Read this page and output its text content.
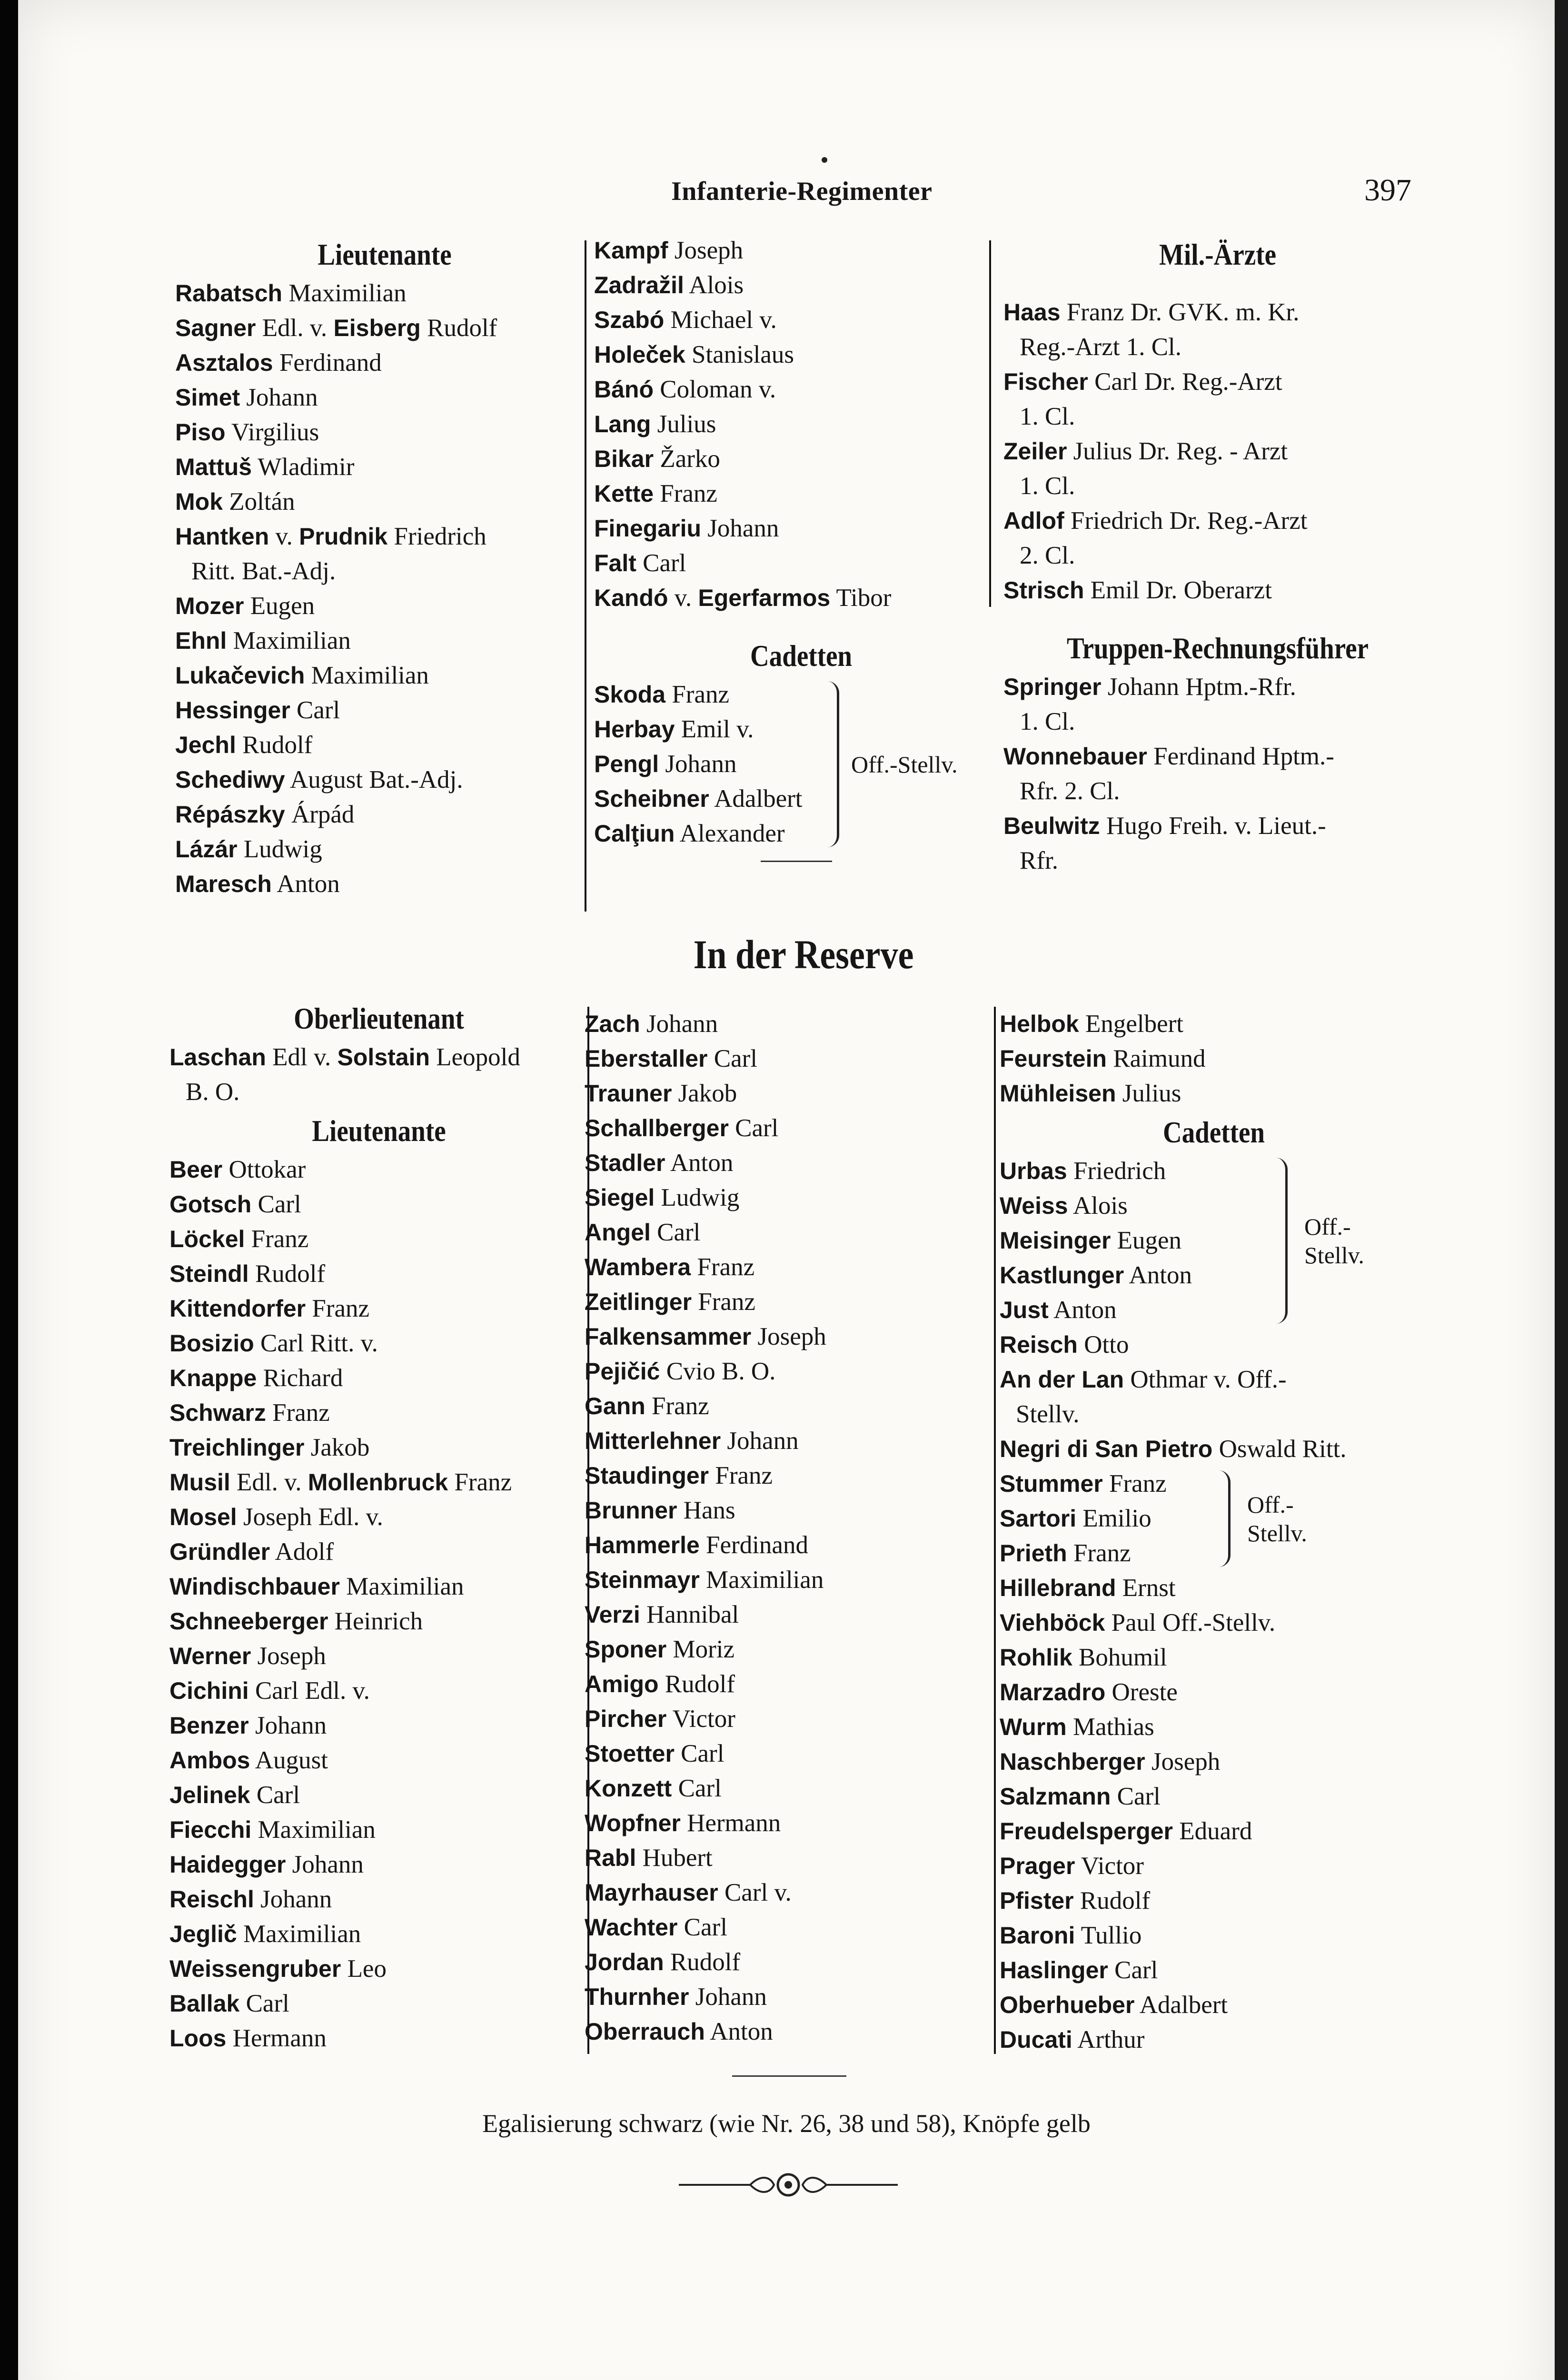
Infanterie-Regimenter	397
Lieutenante
Rabatsch Maximilian
Sagner Edl. v. Eisberg Rudolf
Asztalos Ferdinand
Simet Johann
Piso Virgilius
Mattuš Wladimir
Mok Zoltán
Hantken v. Prudnik Friedrich
Ritt. Bat.-Adj.
Mozer Eugen
Ehnl Maximilian
Lukačevich Maximilian
Hessinger Carl
Jechl Rudolf
Schediwy August Bat.-Adj.
Répászky Árpád
Lázár Ludwig
Maresch Anton
Kampf Joseph
Zadražil Alois
Szabó Michael v.
Holeček Stanislaus
Bánó Coloman v.
Lang Julius
Bikar Žarko
Kette Franz
Finegariu Johann
Falt Carl
Kandó v. Egerfarmos Tibor
Cadetten
Skoda Franz
Herbay Emil v.
Pengl Johann
Scheibner Adalbert
Calţiun Alexander
Off.-Stellv.
Mil.-Ärzte
Haas Franz Dr. GVK. m. Kr.
Reg.-Arzt 1. Cl.
Fischer Carl Dr. Reg.-Arzt
1. Cl.
Zeiler Julius Dr. Reg. - Arzt
1. Cl.
Adlof Friedrich Dr. Reg.-Arzt
2. Cl.
Strisch Emil Dr. Oberarzt
Truppen-Rechnungsführer
Springer Johann Hptm.-Rfr.
1. Cl.
Wonnebauer Ferdinand Hptm.-
Rfr. 2. Cl.
Beulwitz Hugo Freih. v. Lieut.-
Rfr.
In der Reserve
Oberlieutenant
Laschan Edl v. Solstain Leopold
B. O.
Lieutenante
Beer Ottokar
Gotsch Carl
Löckel Franz
Steindl Rudolf
Kittendorfer Franz
Bosizio Carl Ritt. v.
Knappe Richard
Schwarz Franz
Treichlinger Jakob
Musil Edl. v. Mollenbruck Franz
Mosel Joseph Edl. v.
Gründler Adolf
Windischbauer Maximilian
Schneeberger Heinrich
Werner Joseph
Cichini Carl Edl. v.
Benzer Johann
Ambos August
Jelinek Carl
Fiecchi Maximilian
Haidegger Johann
Reischl Johann
Jeglič Maximilian
Weissengruber Leo
Ballak Carl
Loos Hermann
Zach Johann
Eberstaller Carl
Trauner Jakob
Schallberger Carl
Stadler Anton
Siegel Ludwig
Angel Carl
Wambera Franz
Zeitlinger Franz
Falkensammer Joseph
Pejičić Cvio B. O.
Gann Franz
Mitterlehner Johann
Staudinger Franz
Brunner Hans
Hammerle Ferdinand
Steinmayr Maximilian
Verzi Hannibal
Sponer Moriz
Amigo Rudolf
Pircher Victor
Stoetter Carl
Konzett Carl
Wopfner Hermann
Rabl Hubert
Mayrhauser Carl v.
Wachter Carl
Jordan Rudolf
Thurnher Johann
Oberrauch Anton
Helbok Engelbert
Feurstein Raimund
Mühleisen Julius
Cadetten
Urbas Friedrich
Weiss Alois
Meisinger Eugen
Kastlunger Anton
Just Anton
Off.-
Stellv.
Reisch Otto
An der Lan Othmar v. Off.-
Stellv.
Negri di San Pietro Oswald Ritt.
Stummer Franz
Sartori Emilio
Prieth Franz
Off.-
Stellv.
Hillebrand Ernst
Viehböck Paul Off.-Stellv.
Rohlik Bohumil
Marzadro Oreste
Wurm Mathias
Naschberger Joseph
Salzmann Carl
Freudelsperger Eduard
Prager Victor
Pfister Rudolf
Baroni Tullio
Haslinger Carl
Oberhueber Adalbert
Ducati Arthur
Egalisierung schwarz (wie Nr. 26, 38 und 58), Knöpfe gelb
